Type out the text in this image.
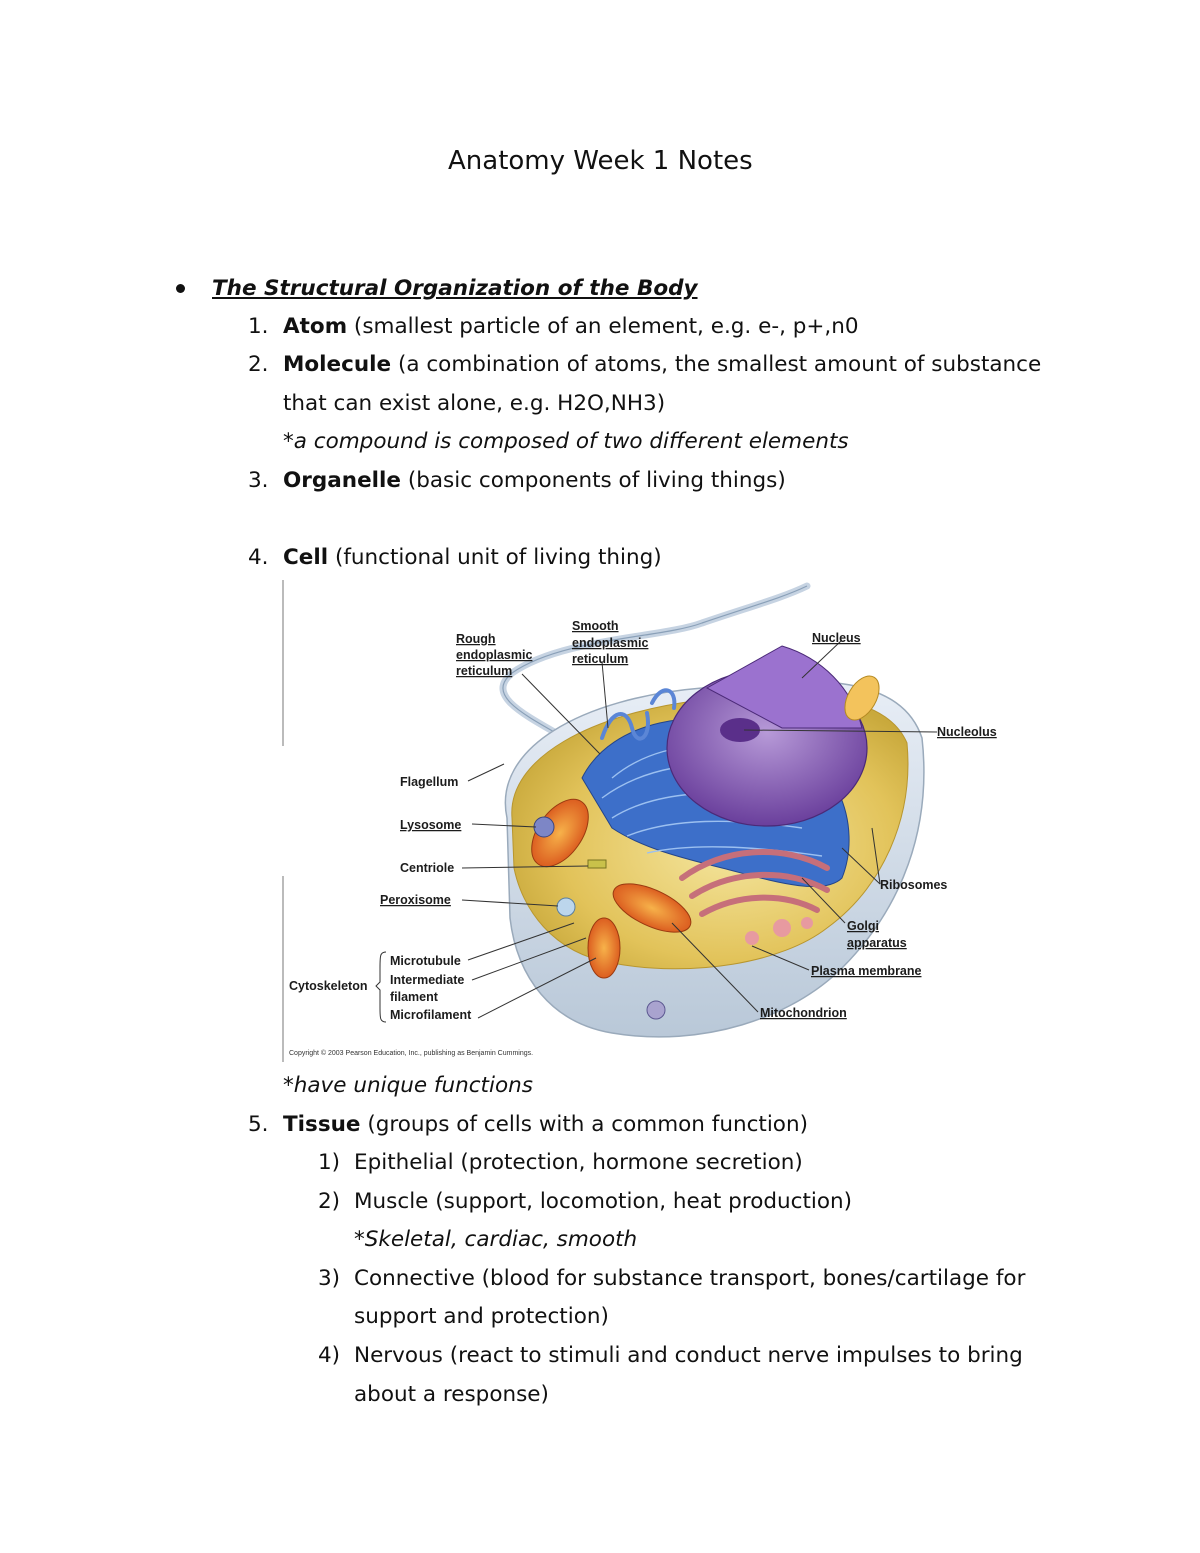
Anatomy Week 1 Notes
The Structural Organization of the Body
1. Atom (smallest particle of an element, e.g. e-, p+,n0
2. Molecule (a combination of atoms, the smallest amount of substance
that can exist alone, e.g. H2O,NH3)
*a compound is composed of two different elements
3. Organelle (basic components of living things)
4. Cell (functional unit of living thing)
Rough
endoplasmic
reticulum
Smooth
endoplasmic
reticulum
Nucleus
Nucleolus
Flagellum
Lysosome
Centriole
Peroxisome
Cytoskeleton
Microtubule
Intermediate
filament
Microfilament
Ribosomes
Golgi
apparatus
Plasma membrane
Mitochondrion
Copyright © 2003 Pearson Education, Inc., publishing as Benjamin Cummings.
*have unique functions
5. Tissue (groups of cells with a common function)
1) Epithelial (protection, hormone secretion)
2) Muscle (support, locomotion, heat production)
*Skeletal, cardiac, smooth
3) Connective (blood for substance transport, bones/cartilage for
support and protection)
4) Nervous (react to stimuli and conduct nerve impulses to bring
about a response)
